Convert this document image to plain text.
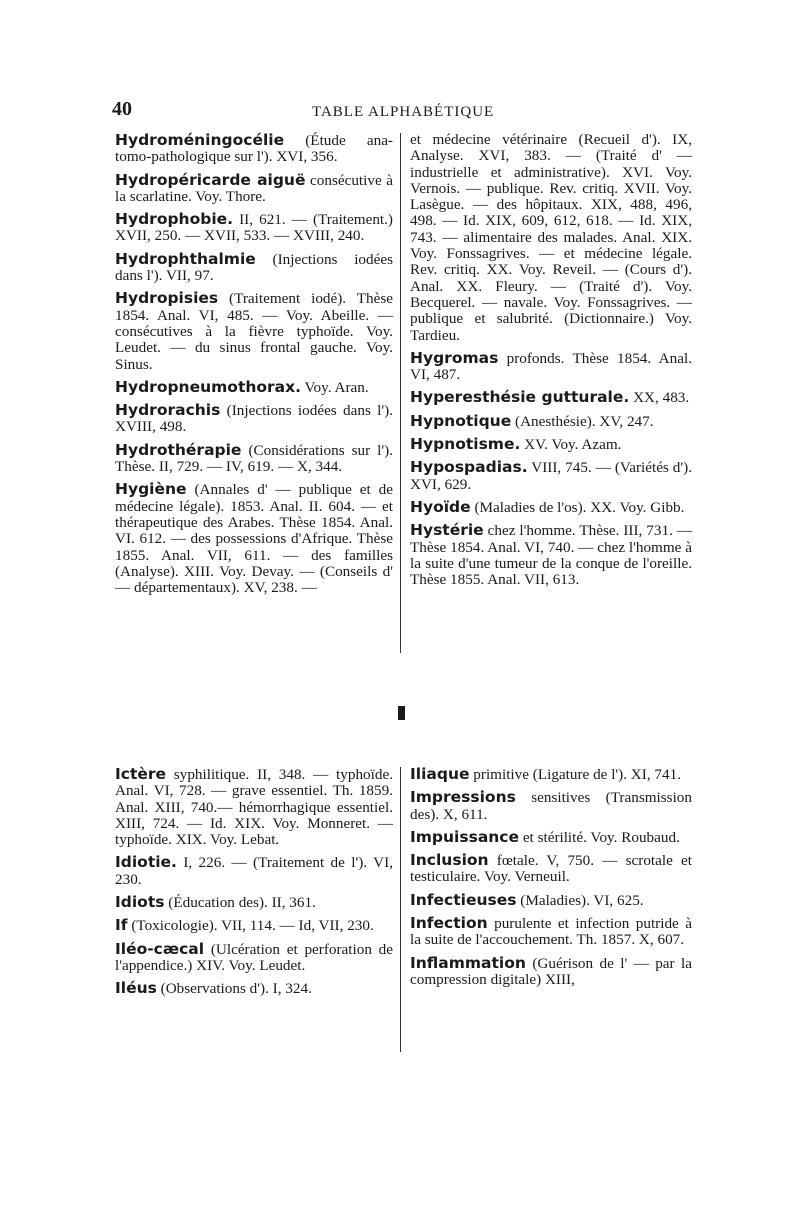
40	TABLE ALPHABÉTIQUE

Hydroméningocélie (Étude ana-tomo-pathologique sur l'). XVI, 356.

Hydropéricarde aiguë consécutive à la scarlatine. Voy. Thore.

Hydrophobie. II, 621. — (Traitement.) XVII, 250. — XVII, 533. — XVIII, 240.

Hydrophthalmie (Injections iodées dans l'). VII, 97.

Hydropisies (Traitement iodé). Thèse 1854. Anal. VI, 485. — Voy. Abeille. — consécutives à la fièvre typhoïde. Voy. Leudet. — du sinus frontal gauche. Voy. Sinus.

Hydropneumothorax. Voy. Aran.

Hydrorachis (Injections iodées dans l'). XVIII, 498.

Hydrothérapie (Considérations sur l'). Thèse. II, 729. — IV, 619. — X, 344.

Hygiène (Annales d' — publique et de médecine légale). 1853. Anal. II. 604. — et thérapeutique des Arabes. Thèse 1854. Anal. VI. 612. — des possessions d'Afrique. Thèse 1855. Anal. VII, 611. — des familles (Analyse). XIII. Voy. Devay. — (Conseils d' — départementaux). XV, 238. —

et médecine vétérinaire (Recueil d'). IX, Analyse. XVI, 383. — (Traité d' — industrielle et administrative). XVI. Voy. Vernois. — publique. Rev. critiq. XVII. Voy. Lasègue. — des hôpitaux. XIX, 488, 496, 498. — Id. XIX, 609, 612, 618. — Id. XIX, 743. — alimentaire des malades. Anal. XIX. Voy. Fonssagrives. — et médecine légale. Rev. critiq. XX. Voy. Reveil. — (Cours d'). Anal. XX. Fleury. — (Traité d'). Voy. Becquerel. — navale. Voy. Fonssagrives. — publique et salubrité. (Dictionnaire.) Voy. Tardieu.

Hygromas profonds. Thèse 1854. Anal. VI, 487.

Hyperesthésie gutturale. XX, 483.

Hypnotique (Anesthésie). XV, 247.

Hypnotisme. XV. Voy. Azam.

Hypospadias. VIII, 745. — (Variétés d'). XVI, 629.

Hyoïde (Maladies de l'os). XX. Voy. Gibb.

Hystérie chez l'homme. Thèse. III, 731. — Thèse 1854. Anal. VI, 740. — chez l'homme à la suite d'une tumeur de la conque de l'oreille. Thèse 1855. Anal. VII, 613.

Ictère syphilitique. II, 348. — typhoïde. Anal. VI, 728. — grave essentiel. Th. 1859. Anal. XIII, 740.— hémorrhagique essentiel. XIII, 724. — Id. XIX. Voy. Monneret. — typhoïde. XIX. Voy. Lebat.

Idiotie. I, 226. — (Traitement de l'). VI, 230.

Idiots (Éducation des). II, 361.

If (Toxicologie). VII, 114. — Id, VII, 230.

Iléo-cæcal (Ulcération et perforation de l'appendice.) XIV. Voy. Leudet.

Iléus (Observations d'). I, 324.

Iliaque primitive (Ligature de l'). XI, 741.

Impressions sensitives (Transmission des). X, 611.

Impuissance et stérilité. Voy. Roubaud.

Inclusion fœtale. V, 750. — scrotale et testiculaire. Voy. Verneuil.

Infectieuses (Maladies). VI, 625.

Infection purulente et infection putride à la suite de l'accouchement. Th. 1857. X, 607.

Inflammation (Guérison de l' — par la compression digitale) XIII,
